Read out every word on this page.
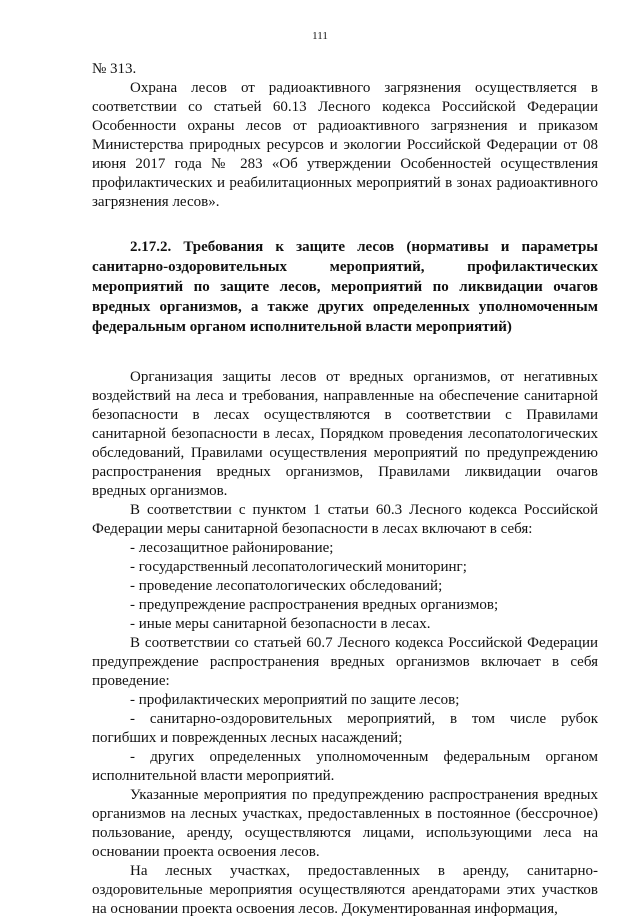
111

№ 313.

Охрана лесов от радиоактивного загрязнения осуществляется в соответствии со статьей 60.13 Лесного кодекса Российской Федерации Особенности охраны лесов от радиоактивного загрязнения и приказом Министерства природных ресурсов и экологии Российской Федерации от 08 июня 2017 года № 283 «Об утверждении Особенностей осуществления профилактических и реабилитационных мероприятий в зонах радиоактивного загрязнения лесов».

2.17.2. Требования к защите лесов (нормативы и параметры санитарно-оздоровительных мероприятий, профилактических мероприятий по защите лесов, мероприятий по ликвидации очагов вредных организмов, а также других определенных уполномоченным федеральным органом исполнительной власти мероприятий)

Организация защиты лесов от вредных организмов, от негативных воздействий на леса и требования, направленные на обеспечение санитарной безопасности в лесах осуществляются в соответствии с Правилами санитарной безопасности в лесах, Порядком проведения лесопатологических обследований, Правилами осуществления мероприятий по предупреждению распространения вредных организмов, Правилами ликвидации очагов вредных организмов.

В соответствии с пунктом 1 статьи 60.3 Лесного кодекса Российской Федерации меры санитарной безопасности в лесах включают в себя:

- лесозащитное районирование;

- государственный лесопатологический мониторинг;

- проведение лесопатологических обследований;

- предупреждение распространения вредных организмов;

- иные меры санитарной безопасности в лесах.

В соответствии со статьей 60.7 Лесного кодекса Российской Федерации предупреждение распространения вредных организмов включает в себя проведение:

- профилактических мероприятий по защите лесов;

- санитарно-оздоровительных мероприятий, в том числе рубок погибших и поврежденных лесных насаждений;

- других определенных уполномоченным федеральным органом исполнительной власти мероприятий.

Указанные мероприятия по предупреждению распространения вредных организмов на лесных участках, предоставленных в постоянное (бессрочное) пользование, аренду, осуществляются лицами, использующими леса на основании проекта освоения лесов.

На лесных участках, предоставленных в аренду, санитарно-оздоровительные мероприятия осуществляются арендаторами этих участков на основании проекта освоения лесов. Документированная информация,
